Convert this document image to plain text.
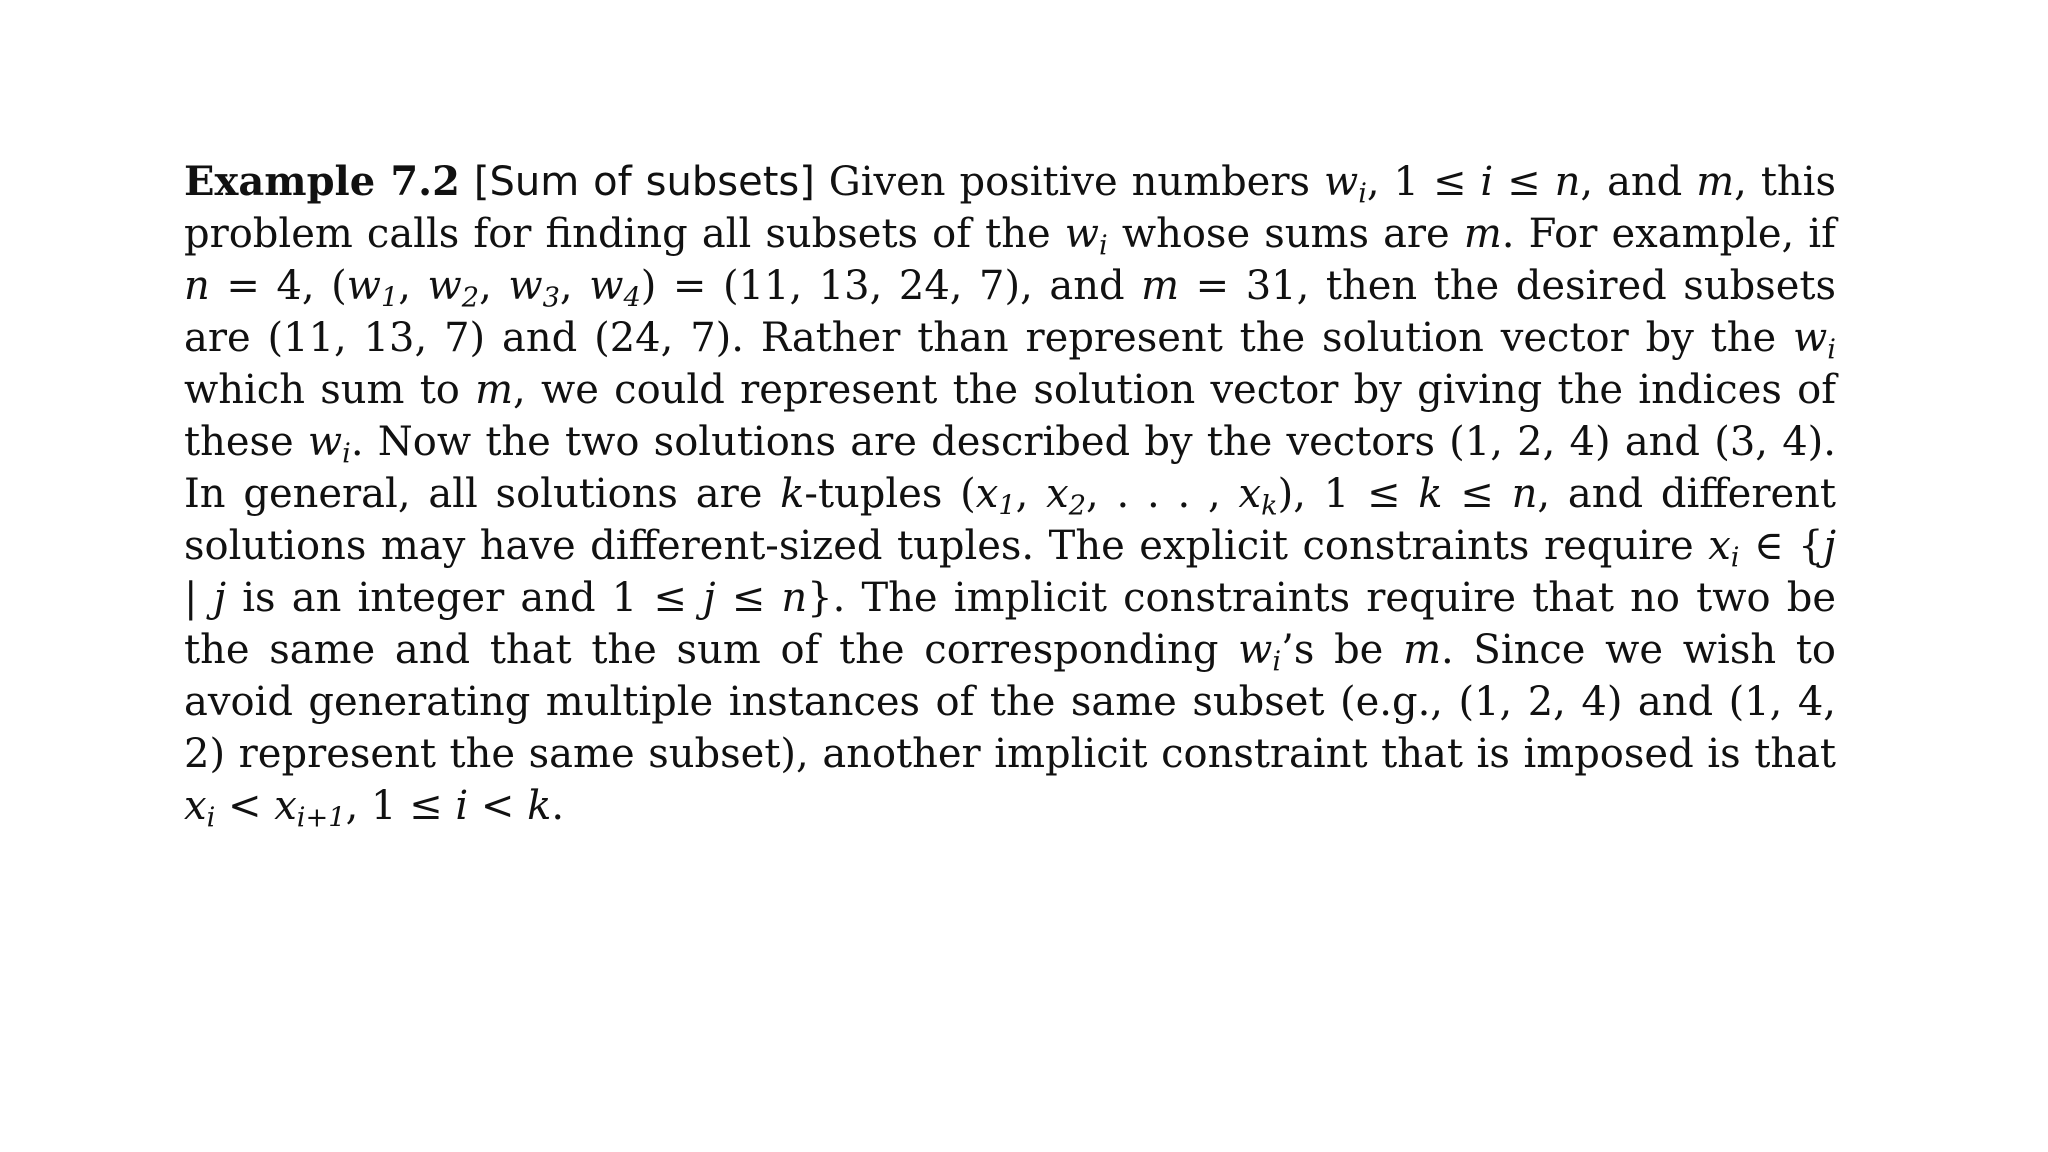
Example 7.2 [Sum of subsets] Given positive numbers $w_i$, 1 ≤ i ≤ n, and m, this problem calls for finding all subsets of the $w_i$ whose sums are m. For example, if n = 4, ($w_1$, $w_2$, $w_3$, $w_4) = (11$, 13, 24, 7), and m = 31, then the desired subsets are (11, 13, 7) and (24, 7). Rather than represent the solution vector by the $w_i$ which sum to m, we could represent the solution vector by giving the indices of these $w_i$. Now the two solutions are described by the vectors (1, 2, 4) and (3, 4). In general, all solutions are k-tuples ($x_1$, $x_2$, . . . , $x_k$), 1 ≤ k ≤ n, and different solutions may have different-sized tuples. The explicit constraints require $x_i$ ∈ {j | j is an integer and 1 ≤ j ≤ n}. The implicit constraints require that no two be the same and that the sum of the corresponding $w_i’s$ be m. Since we wish to avoid generating multiple instances of the same subset (e.g., (1, 2, 4) and (1, 4, 2) represent the same subset), another implicit constraint that is imposed is that $x_i < x_{i+1}$, 1 ≤ i < k.
